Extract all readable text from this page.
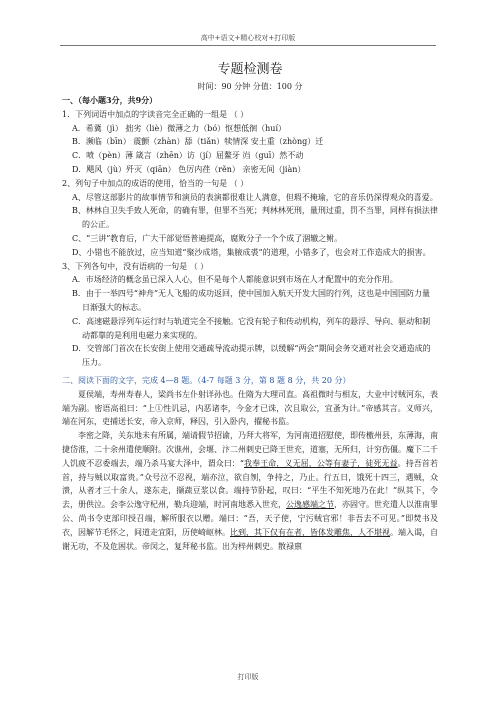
高中+语文+精心校对+打印版
专题检测卷
时间：90 分钟 分值：100 分
一、（每小题3分，共9分）
1．下列词语中加点的字读音完全正确的一组是 （ ）
A．希冀（jì） 拙劣（liè）微薄之力（bó）怄想低徊（huí）
B．濒临（bīn） 震颤（zhàn）舔（tiǎn）犊情深 安土重（zhòng）迁
C．喷（pèn）薄 箴言（zhēn）访（jí）屈鳌牙 岿（guī）然不动
D．飓风（jù）歼灭（qiān） 色厉内荏（rěn） 亲密无间（jiàn）
2、列句子中加点的成语的使用，恰当的一句是 （ ）
A、尽管这部影片的故事情节和演员的表演都很难让人满意，但瑕不掩瑜，它的音乐仍深得观众的喜爱。
B、林林自卫失手致人死命，的确有罪，但罪不当死；判林林死刑，量刑过重，罚不当罪，同样有损法律的公正。
C、“三讲”教育后，广大干部觉悟普遍提高，腐败分子一个个成了涸辙之鲋。
D、小错也不能放过，应当知道“聚沙成塔，集腋成裘”的道理，小错多了，也会对工作造成大的损害。
3、下列各句中，没有语病的一句是 （ ）
A．市场经济的概念虽已深入人心，但不是每个人都能意识到市场在人才配置中的充分作用。
B．由于一举四号“神舟”无人飞船的成功返回，使中国加入航天开发大国的行列，这也是中国国防力量日渐强大的标志。
C．高速磁悬浮列车运行时与轨道完全不接触。它没有轮子和传动机构，列车的悬浮、导向、驱动和制动都靠的是利用电磁力来实现的。
D．交管部门首次在长安街上使用交通疏导流动提示牌，以缓解“两会”期间会务交通对社会交通造成的压力。
二、阅读下面的文字，完成 4—8 题。（4-7 每题 3 分，第 8 题 8 分，共 20 分）

夏侯端，寿州寿春人，梁尚书左仆射详孙也。仕隋为大理司直。高祖微时与相友，大业中讨贼河东，表端为副。密语高祖曰：“上①性讥忌，内恶诸李，今金才已诛，次且取公，宜蚤为计。”帝感其言。义师兴，端在河东，吏捕送长安，帝入京师，释囚，引入卧内，擢秘书监。

李密之降，关东地未有所属，端请假节招谕，乃拜大将军，为河南道招慰使，即传檄州县，东薄海，南捷岱淮，二十余州遣使顺附。次谯州，会堰、汴二州刺史已降王世充，道塞，无所归，计穷伤僵。魔下二千人饥疲不忍委端去，端乃杀马宴大泽中，谓众曰：“我奉王命，义无屈，公等有妻子，徒死无益。持吾首若首，持与贼以取富贵。”众号泣不忍视，端亦泣，欲自刎，争持之，乃止。行五日，饿死十四三，遇贼，众溃，从者才三十余人，遂东走，撷蔬豆浆以食。端持节卧起，叹曰：“平生不知死地乃在此！”纵其下，令去，册供泣。会李公逸守杞州，勒兵迎端，时河南地悉入世充，公逸感端之节，亦固守。世充遣人以淮南罪公、尚书令吏部印授召端，解所服衣以赠。端曰：“吾，天子使，宁污贼官邪！非吾去不可见。”即焚书及衣，因解节毛怀之，间道走宜阳，历使崎岖林。比到，其下仅有在者，皆体发雕焦，人不堪视。端入谒，自谢无功，不及危困状。帝闵之，复拜秘书监。出为梓州刺史。散禄禀

打印版
